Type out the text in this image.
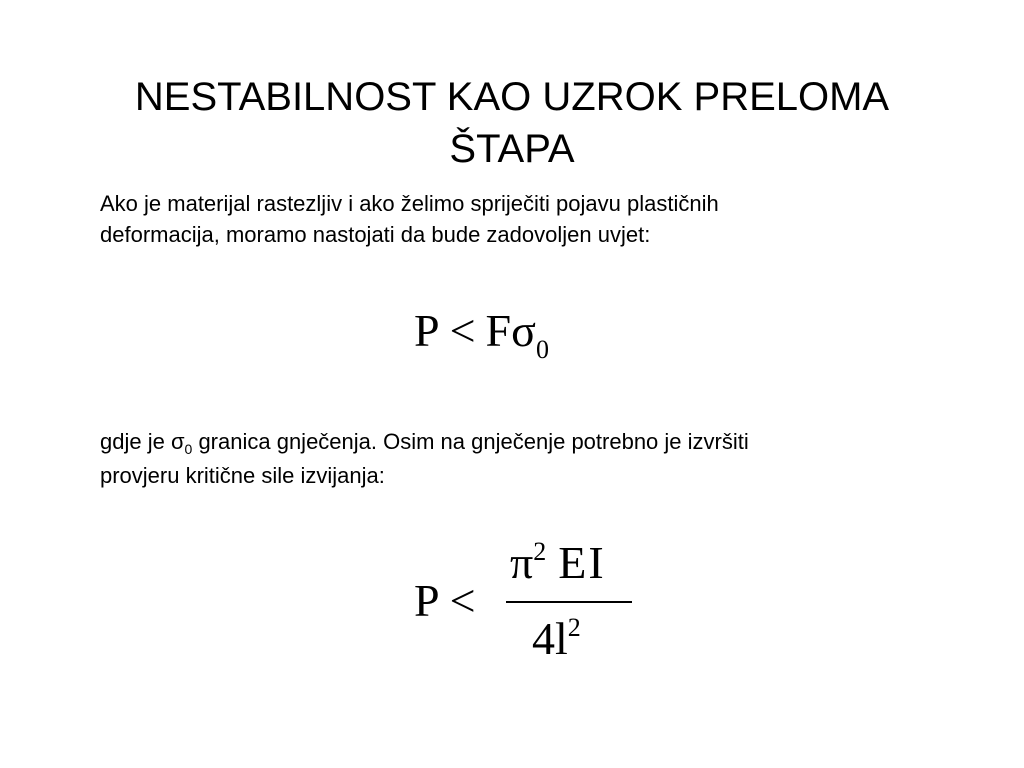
NESTABILNOST KAO UZROK PRELOMA
ŠTAPA
Ako je materijal rastezljiv i ako želimo spriječiti pojavu plastičnih
deformacija, moramo nastojati da bude zadovoljen uvjet:
$P < F\sigma_0$
gdje je $\sigma_0$ granica gnječenja. Osim na gnječenje potrebno je izvršiti
provjeru kritične sile izvijanja:
P <
$\pi^2$ EI
$4l^2$
